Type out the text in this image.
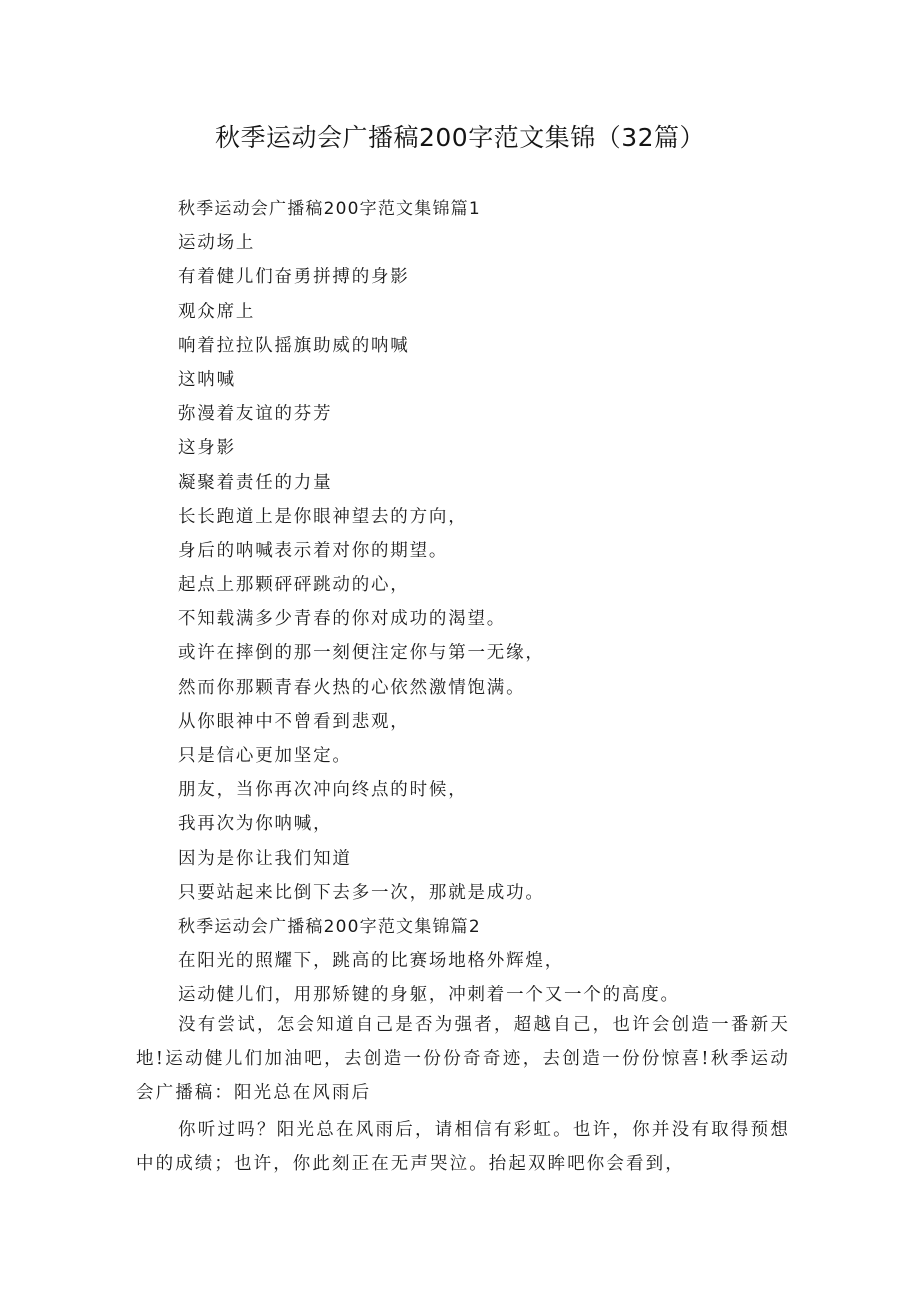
秋季运动会广播稿200字范文集锦（32篇）
秋季运动会广播稿200字范文集锦篇1
运动场上
有着健儿们奋勇拼搏的身影
观众席上
响着拉拉队摇旗助威的呐喊
这呐喊
弥漫着友谊的芬芳
这身影
凝聚着责任的力量
长长跑道上是你眼神望去的方向，
身后的呐喊表示着对你的期望。
起点上那颗砰砰跳动的心，
不知载满多少青春的你对成功的渴望。
或许在摔倒的那一刻便注定你与第一无缘，
然而你那颗青春火热的心依然激情饱满。
从你眼神中不曾看到悲观，
只是信心更加坚定。
朋友，当你再次冲向终点的时候，
我再次为你呐喊，
因为是你让我们知道
只要站起来比倒下去多一次，那就是成功。
秋季运动会广播稿200字范文集锦篇2
在阳光的照耀下，跳高的比赛场地格外辉煌，
运动健儿们，用那矫键的身躯，冲刺着一个又一个的高度。

没有尝试，怎会知道自己是否为强者，超越自己，也许会创造一番新天地!运动健儿们加油吧，去创造一份份奇奇迹，去创造一份份惊喜!秋季运动会广播稿：阳光总在风雨后

你听过吗？阳光总在风雨后，请相信有彩虹。也许，你并没有取得预想中的成绩；也许，你此刻正在无声哭泣。抬起双眸吧你会看到，
